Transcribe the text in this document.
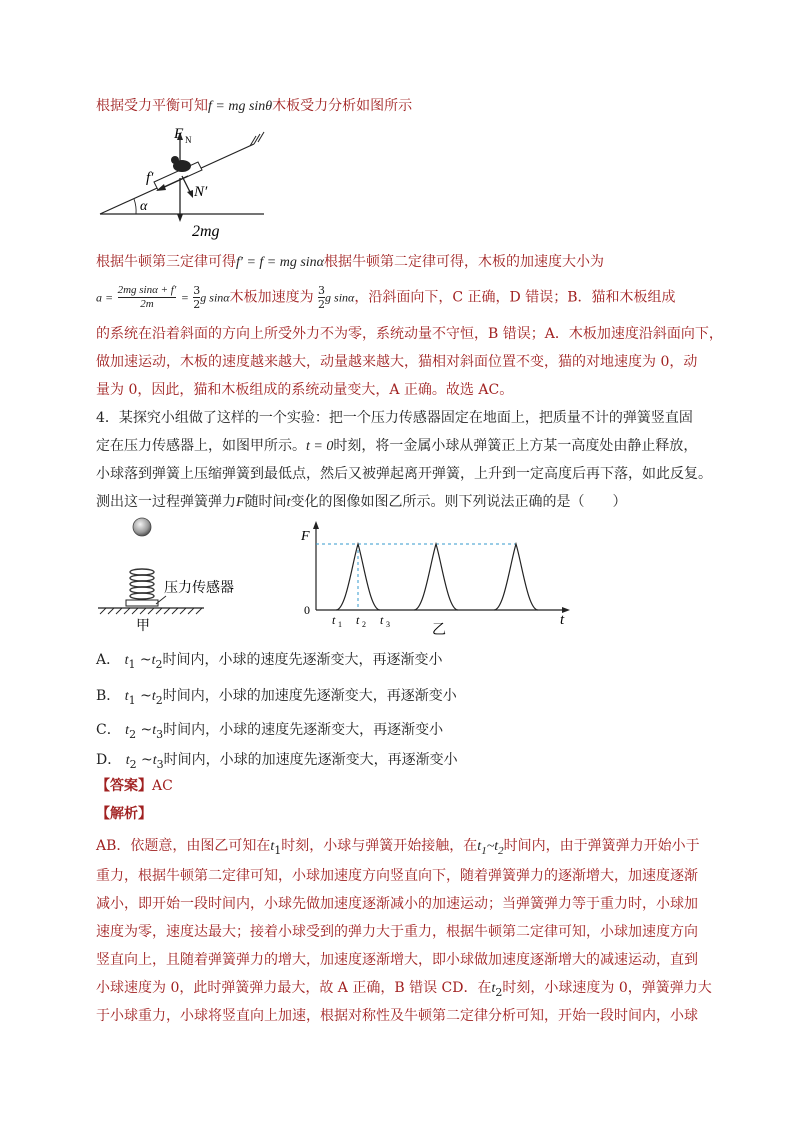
根据受力平衡可知f = mg sinθ木板受力分析如图所示
F N
f′
N′
α
2mg
根据牛顿第三定律可得f′ = f = mg sinα根据牛顿第二定律可得，木板的加速度大小为
$a = \frac{\text{2mg sinα + f′}}{2m} = \frac{3}{2}$ g sinα木板加速度为 $\frac{3}{2}$ g sinα，沿斜面向下，C 正确，D 错误；B．猫和木板组成
的系统在沿着斜面的方向上所受外力不为零，系统动量不守恒，B 错误；A．木板加速度沿斜面向下，
做加速运动，木板的速度越来越大，动量越来越大，猫相对斜面位置不变，猫的对地速度为 0，动
量为 0，因此，猫和木板组成的系统动量变大，A 正确。故选 AC。
4．某探究小组做了这样的一个实验：把一个压力传感器固定在地面上，把质量不计的弹簧竖直固
定在压力传感器上，如图甲所示。t = 0时刻，将一金属小球从弹簧正上方某一高度处由静止释放，
小球落到弹簧上压缩弹簧到最低点，然后又被弹起离开弹簧，上升到一定高度后再下落，如此反复。
测出这一过程弹簧弹力F随时间t变化的图像如图乙所示。则下列说法正确的是（　　）
压力传感器
甲
F
t
0
t 1 t 2 t 3	乙
A． $t_1$ $\sim t_2$时间内，小球的速度先逐渐变大，再逐渐变小
B． $t_1$ $\sim t_2$时间内，小球的加速度先逐渐变大，再逐渐变小
C． $t_2$ $\sim t_3$时间内，小球的速度先逐渐变大，再逐渐变小
D． $t_2$ $\sim t_3$时间内，小球的加速度先逐渐变大，再逐渐变小
【答案】AC
【解析】
AB．依题意，由图乙可知在$t_1$时刻，小球与弹簧开始接触，在$t_1\sim t_2$时间内，由于弹簧弹力开始小于
重力，根据牛顿第二定律可知，小球加速度方向竖直向下，随着弹簧弹力的逐渐增大，加速度逐渐
减小，即开始一段时间内，小球先做加速度逐渐减小的加速运动；当弹簧弹力等于重力时，小球加
速度为零，速度达最大；接着小球受到的弹力大于重力，根据牛顿第二定律可知，小球加速度方向
竖直向上，且随着弹簧弹力的增大，加速度逐渐增大，即小球做加速度逐渐增大的减速运动，直到
小球速度为 0，此时弹簧弹力最大，故 A 正确，B 错误 CD．在$t_2$时刻，小球速度为 0，弹簧弹力大
于小球重力，小球将竖直向上加速，根据对称性及牛顿第二定律分析可知，开始一段时间内，小球
